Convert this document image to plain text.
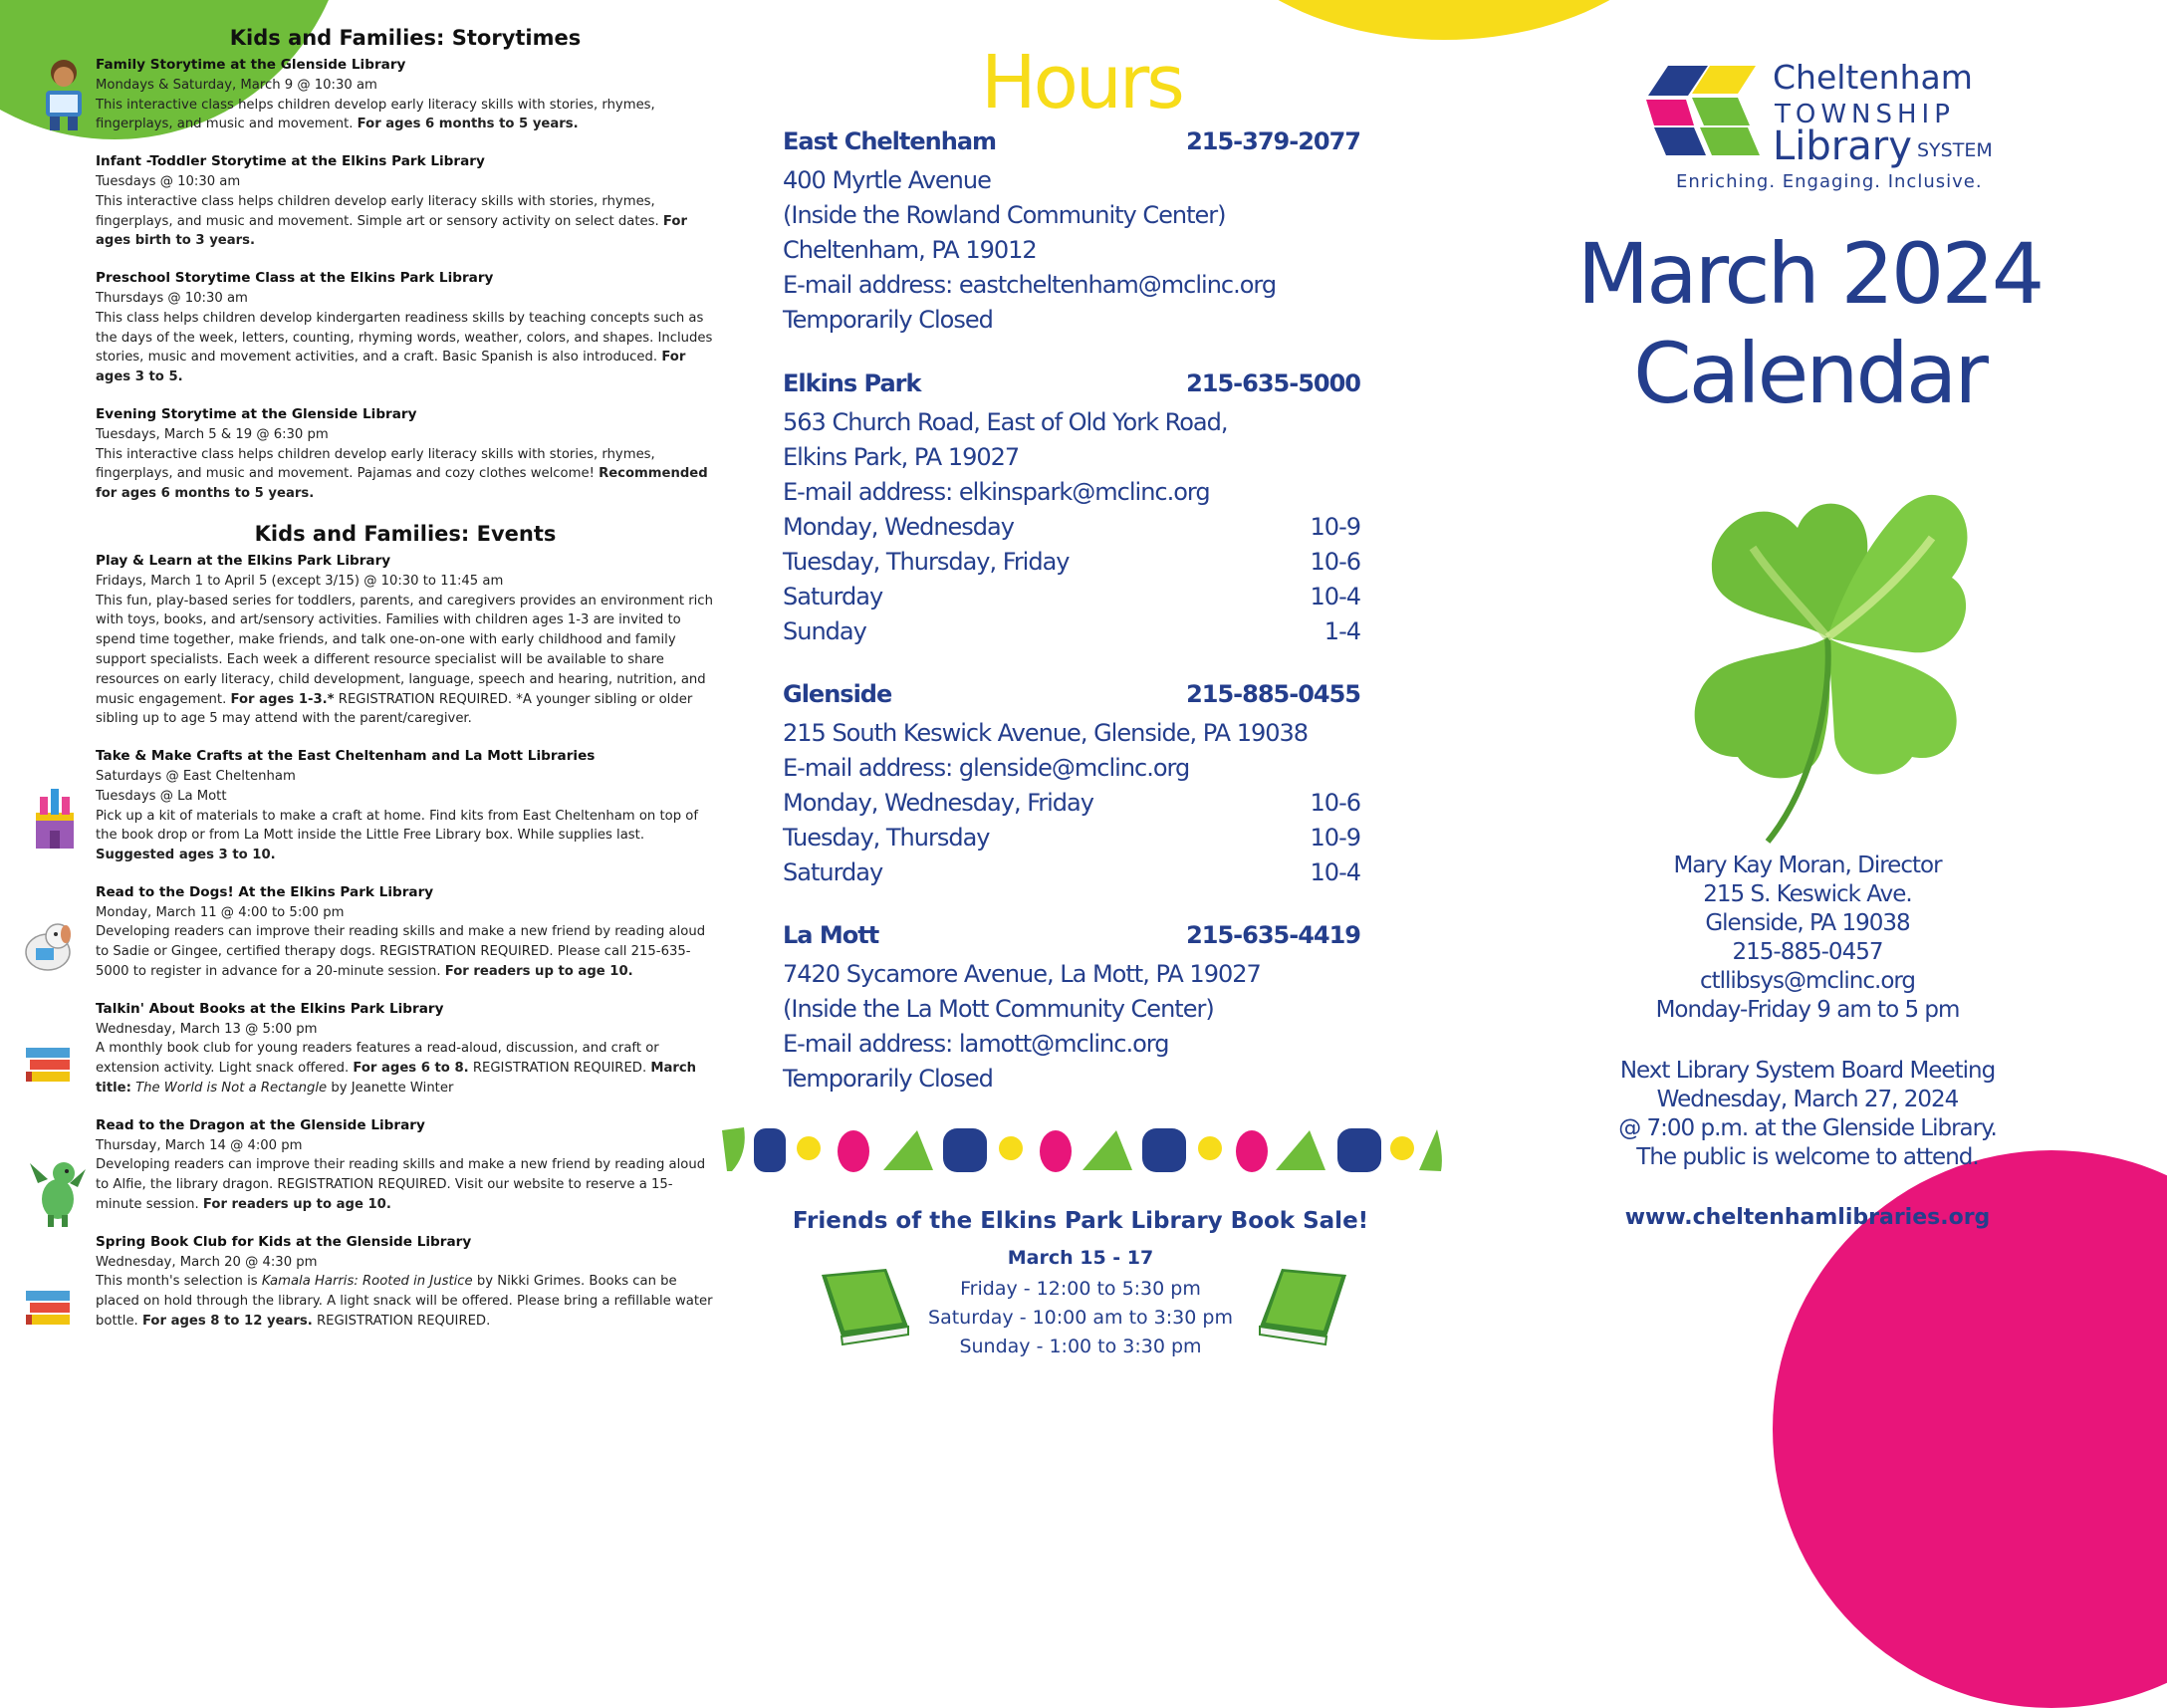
Kids and Families: Storytimes
Family Storytime at the Glenside Library
Mondays & Saturday, March 9 @ 10:30 am
This interactive class helps children develop early literacy skills with stories, rhymes, fingerplays, and music and movement. For ages 6 months to 5 years.
Infant -Toddler Storytime at the Elkins Park Library
Tuesdays @ 10:30 am
This interactive class helps children develop early literacy skills with stories, rhymes, fingerplays, and music and movement. Simple art or sensory activity on select dates. For ages birth to 3 years.
Preschool Storytime Class at the Elkins Park Library
Thursdays @ 10:30 am
This class helps children develop kindergarten readiness skills by teaching concepts such as the days of the week, letters, counting, rhyming words, weather, colors, and shapes. Includes stories, music and movement activities, and a craft. Basic Spanish is also introduced. For ages 3 to 5.
Evening Storytime at the Glenside Library
Tuesdays, March 5 & 19 @ 6:30 pm
This interactive class helps children develop early literacy skills with stories, rhymes, fingerplays, and music and movement. Pajamas and cozy clothes welcome! Recommended for ages 6 months to 5 years.
Kids and Families: Events
Play & Learn at the Elkins Park Library
Fridays, March 1 to April 5 (except 3/15) @ 10:30 to 11:45 am
This fun, play-based series for toddlers, parents, and caregivers provides an environment rich with toys, books, and art/sensory activities. Families with children ages 1-3 are invited to spend time together, make friends, and talk one-on-one with early childhood and family support specialists. Each week a different resource specialist will be available to share resources on early literacy, child development, language, speech and hearing, nutrition, and music engagement. For ages 1-3.* REGISTRATION REQUIRED. *A younger sibling or older sibling up to age 5 may attend with the parent/caregiver.
Take & Make Crafts at the East Cheltenham and La Mott Libraries
Saturdays @ East Cheltenham
Tuesdays @ La Mott
Pick up a kit of materials to make a craft at home. Find kits from East Cheltenham on top of the book drop or from La Mott inside the Little Free Library box. While supplies last. Suggested ages 3 to 10.
Read to the Dogs! At the Elkins Park Library
Monday, March 11 @ 4:00 to 5:00 pm
Developing readers can improve their reading skills and make a new friend by reading aloud to Sadie or Gingee, certified therapy dogs. REGISTRATION REQUIRED. Please call 215-635-5000 to register in advance for a 20-minute session. For readers up to age 10.
Talkin' About Books at the Elkins Park Library
Wednesday, March 13 @ 5:00 pm
A monthly book club for young readers features a read-aloud, discussion, and craft or extension activity. Light snack offered. For ages 6 to 8. REGISTRATION REQUIRED. March title: The World is Not a Rectangle by Jeanette Winter
Read to the Dragon at the Glenside Library
Thursday, March 14 @ 4:00 pm
Developing readers can improve their reading skills and make a new friend by reading aloud to Alfie, the library dragon. REGISTRATION REQUIRED. Visit our website to reserve a 15-minute session. For readers up to age 10.
Spring Book Club for Kids at the Glenside Library
Wednesday, March 20 @ 4:30 pm
This month's selection is Kamala Harris: Rooted in Justice by Nikki Grimes. Books can be placed on hold through the library. A light snack will be offered. Please bring a refillable water bottle. For ages 8 to 12 years. REGISTRATION REQUIRED.
Hours
East Cheltenham	215-379-2077
400 Myrtle Avenue
(Inside the Rowland Community Center)
Cheltenham, PA 19012
E-mail address: eastcheltenham@mclinc.org
Temporarily Closed
Elkins Park	215-635-5000
563 Church Road, East of Old York Road,
Elkins Park, PA 19027
E-mail address: elkinspark@mclinc.org
Monday, Wednesday	10-9
Tuesday, Thursday, Friday	10-6
Saturday	10-4
Sunday	1-4
Glenside	215-885-0455
215 South Keswick Avenue, Glenside, PA 19038
E-mail address: glenside@mclinc.org
Monday, Wednesday, Friday	10-6
Tuesday, Thursday	10-9
Saturday	10-4
La Mott	215-635-4419
7420 Sycamore Avenue, La Mott, PA 19027
(Inside the La Mott Community Center)
E-mail address: lamott@mclinc.org
Temporarily Closed
Friends of the Elkins Park Library Book Sale!
March 15 - 17
Friday - 12:00 to 5:30 pm
Saturday - 10:00 am to 3:30 pm
Sunday - 1:00 to 3:30 pm
Cheltenham
TOWNSHIP
Library SYSTEM
Enriching. Engaging. Inclusive.
March 2024
Calendar
Mary Kay Moran, Director
215 S. Keswick Ave.
Glenside, PA 19038
215-885-0457
ctllibsys@mclinc.org
Monday-Friday 9 am to 5 pm
Next Library System Board Meeting
Wednesday, March 27, 2024
@ 7:00 p.m. at the Glenside Library.
The public is welcome to attend.
www.cheltenhamlibraries.org
